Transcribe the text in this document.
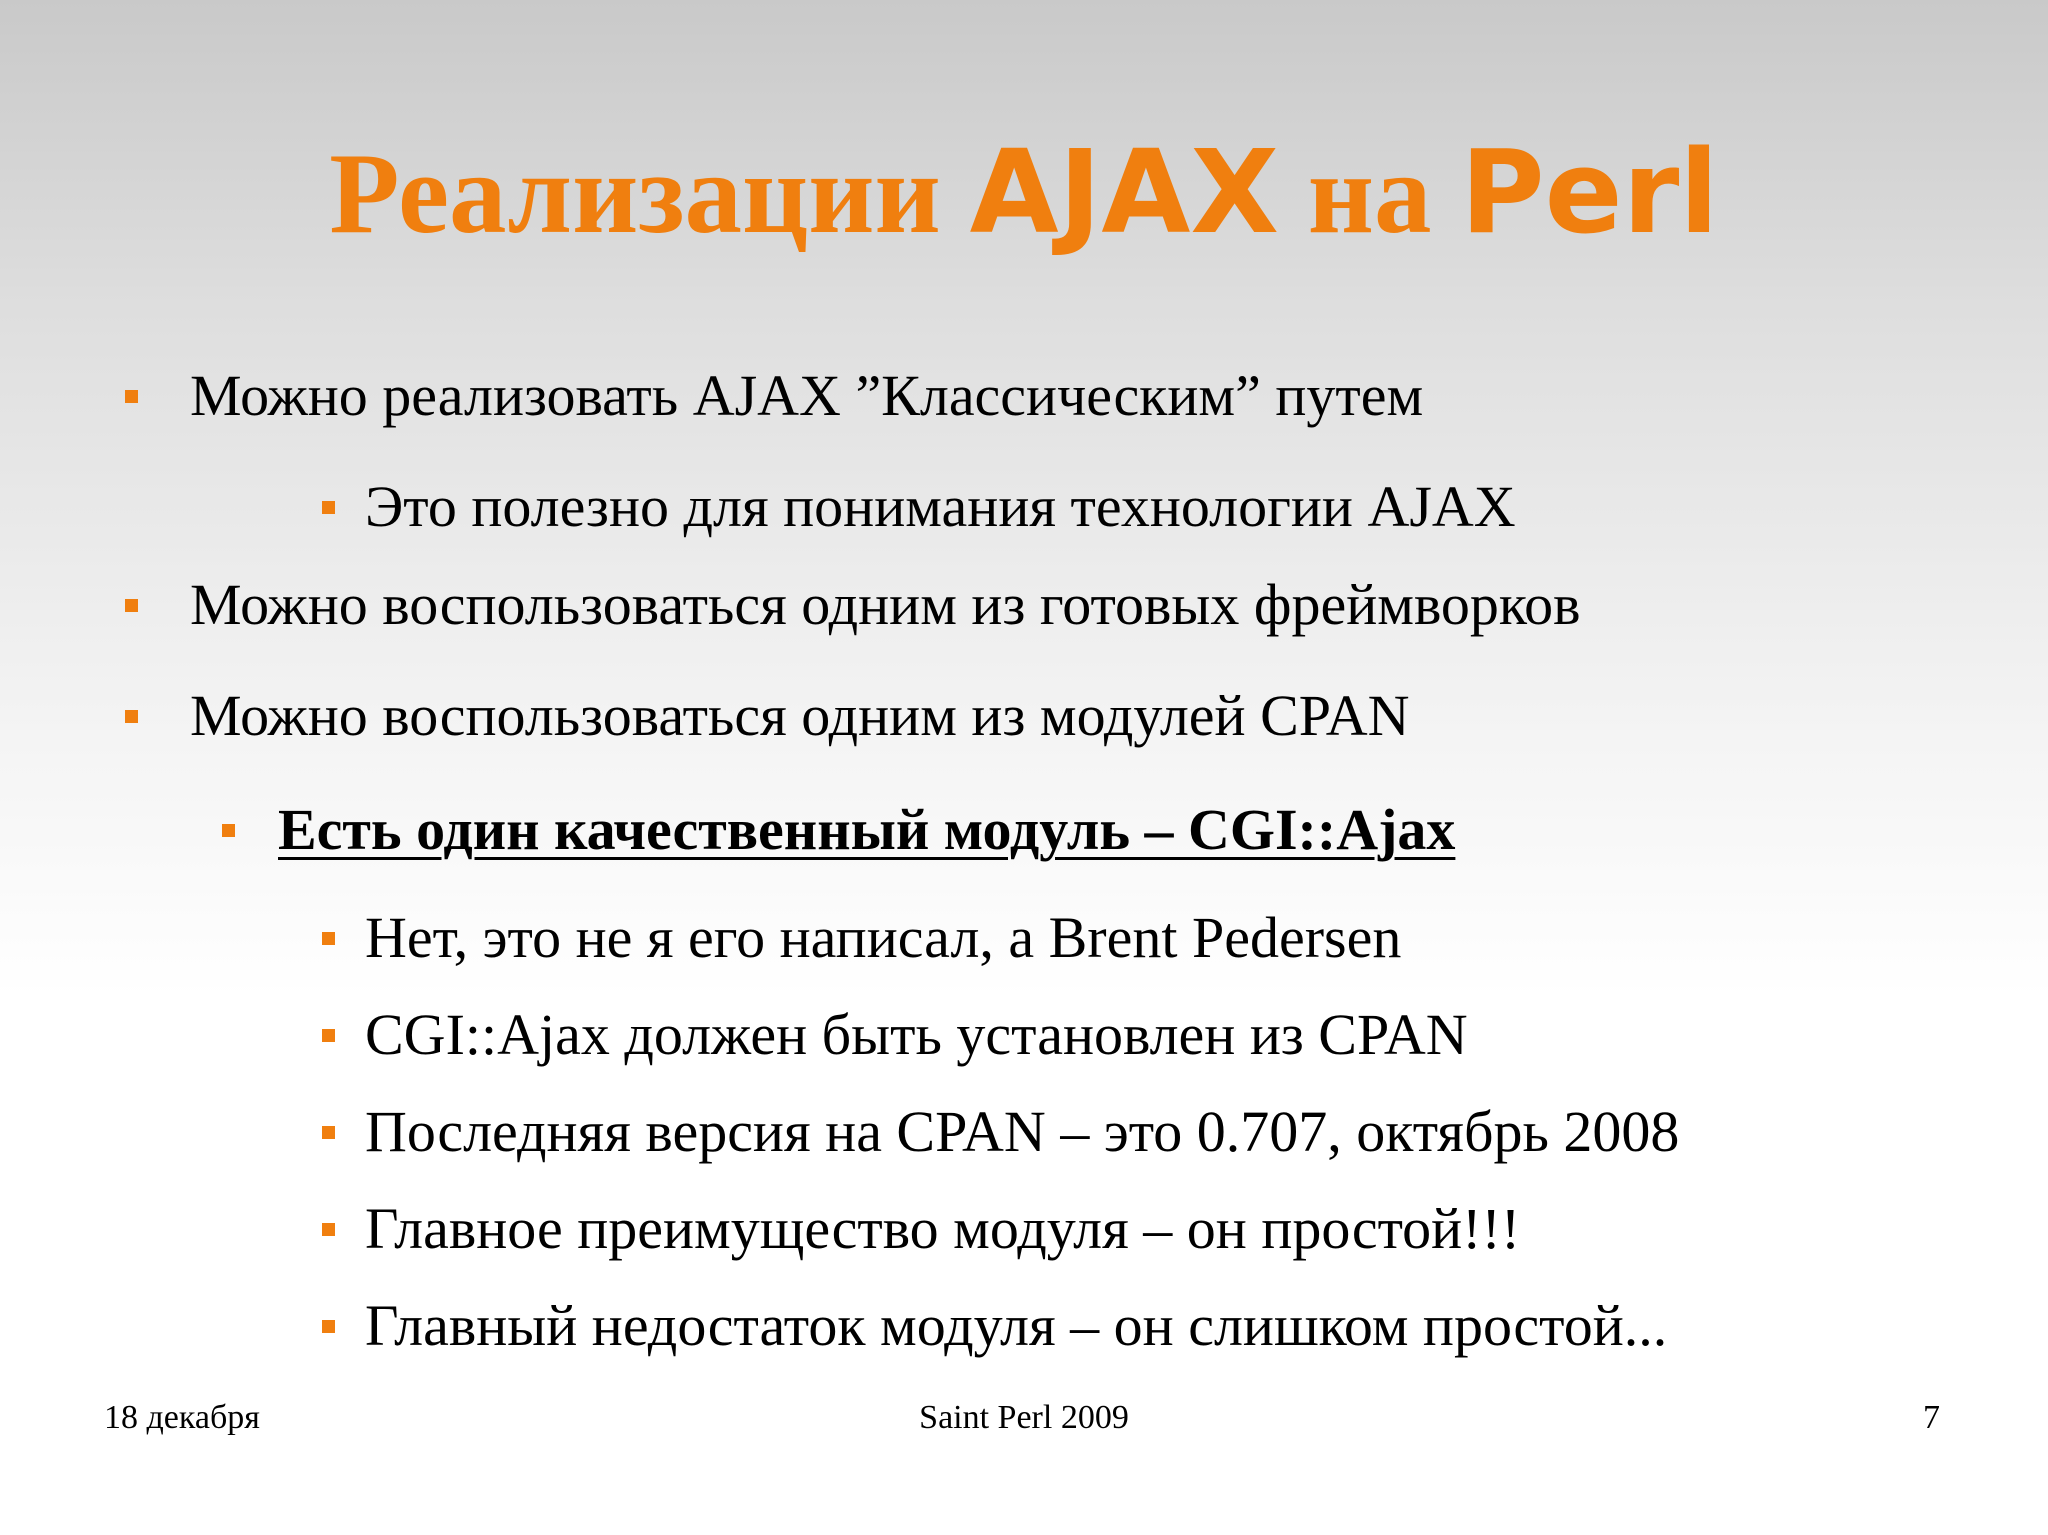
Реализации AJAX на Perl
Можно реализовать AJAX ”Классическим” путем
Это полезно для понимания технологии AJAX
Можно воспользоваться одним из готовых фреймворков
Можно воспользоваться одним из модулей CPAN
Есть один качественный модуль – CGI::Ajax
Нет, это не я его написал, а Brent Pedersen
CGI::Ajax должен быть установлен из CPAN
Последняя версия на CPAN – это 0.707, октябрь 2008
Главное преимущество модуля – он простой!!!
Главный недостаток модуля – он слишком простой...
18 декабря	Saint Perl 2009	7
